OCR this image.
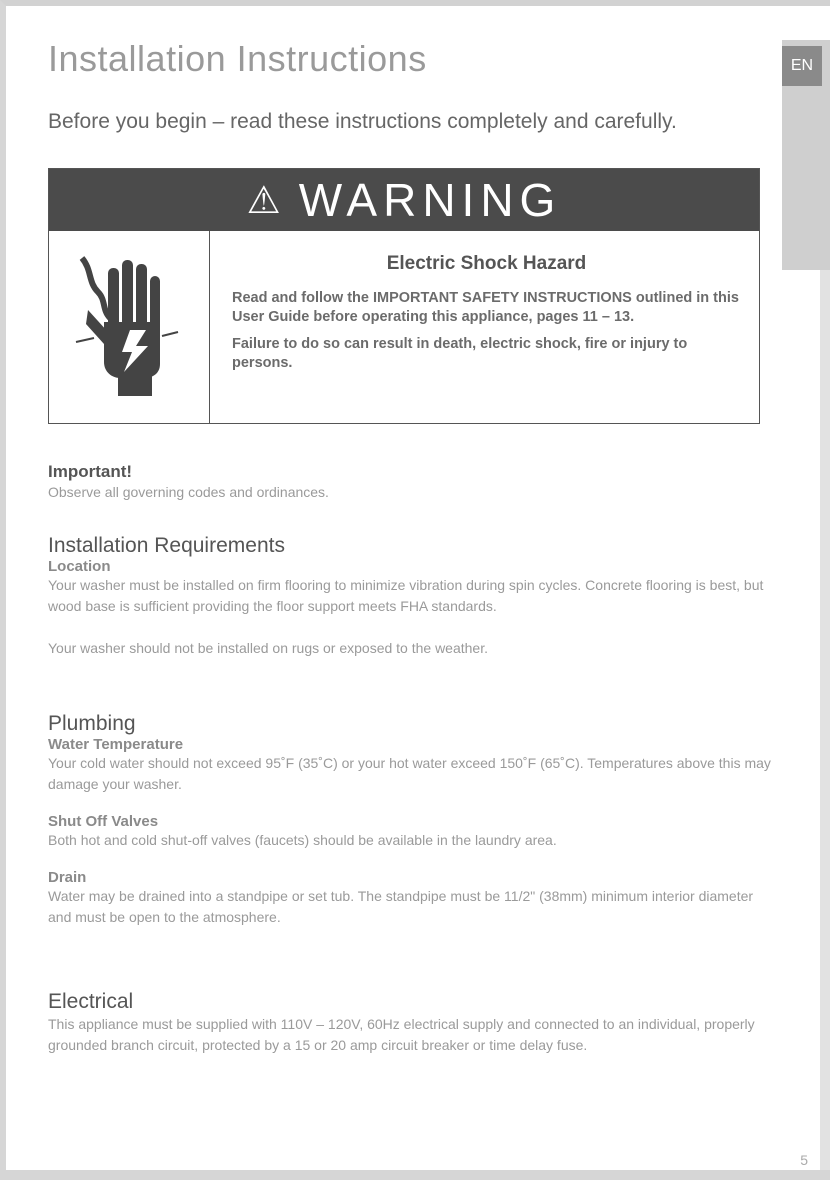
EN
Installation Instructions
Before you begin – read these instructions completely and carefully.
⚠ WARNING
Electric Shock Hazard

Read and follow the IMPORTANT SAFETY INSTRUCTIONS outlined in this User Guide before operating this appliance, pages 11 – 13.

Failure to do so can result in death, electric shock, fire or injury to persons.

Important!

Observe all governing codes and ordinances.

Installation Requirements
Location

Your washer must be installed on firm flooring to minimize vibration during spin cycles. Concrete flooring is best, but wood base is sufficient providing the floor support meets FHA standards.

Your washer should not be installed on rugs or exposed to the weather.

Plumbing
Water Temperature

Your cold water should not exceed 95˚F (35˚C) or your hot water exceed 150˚F (65˚C). Temperatures above this may damage your washer.

Shut Off Valves

Both hot and cold shut-off valves (faucets) should be available in the laundry area.

Drain

Water may be drained into a standpipe or set tub. The standpipe must be 11/2" (38mm) minimum interior diameter and must be open to the atmosphere.

Electrical

This appliance must be supplied with 110V – 120V, 60Hz electrical supply and connected to an individual, properly grounded branch circuit, protected by a 15 or 20 amp circuit breaker or time delay fuse.

5
